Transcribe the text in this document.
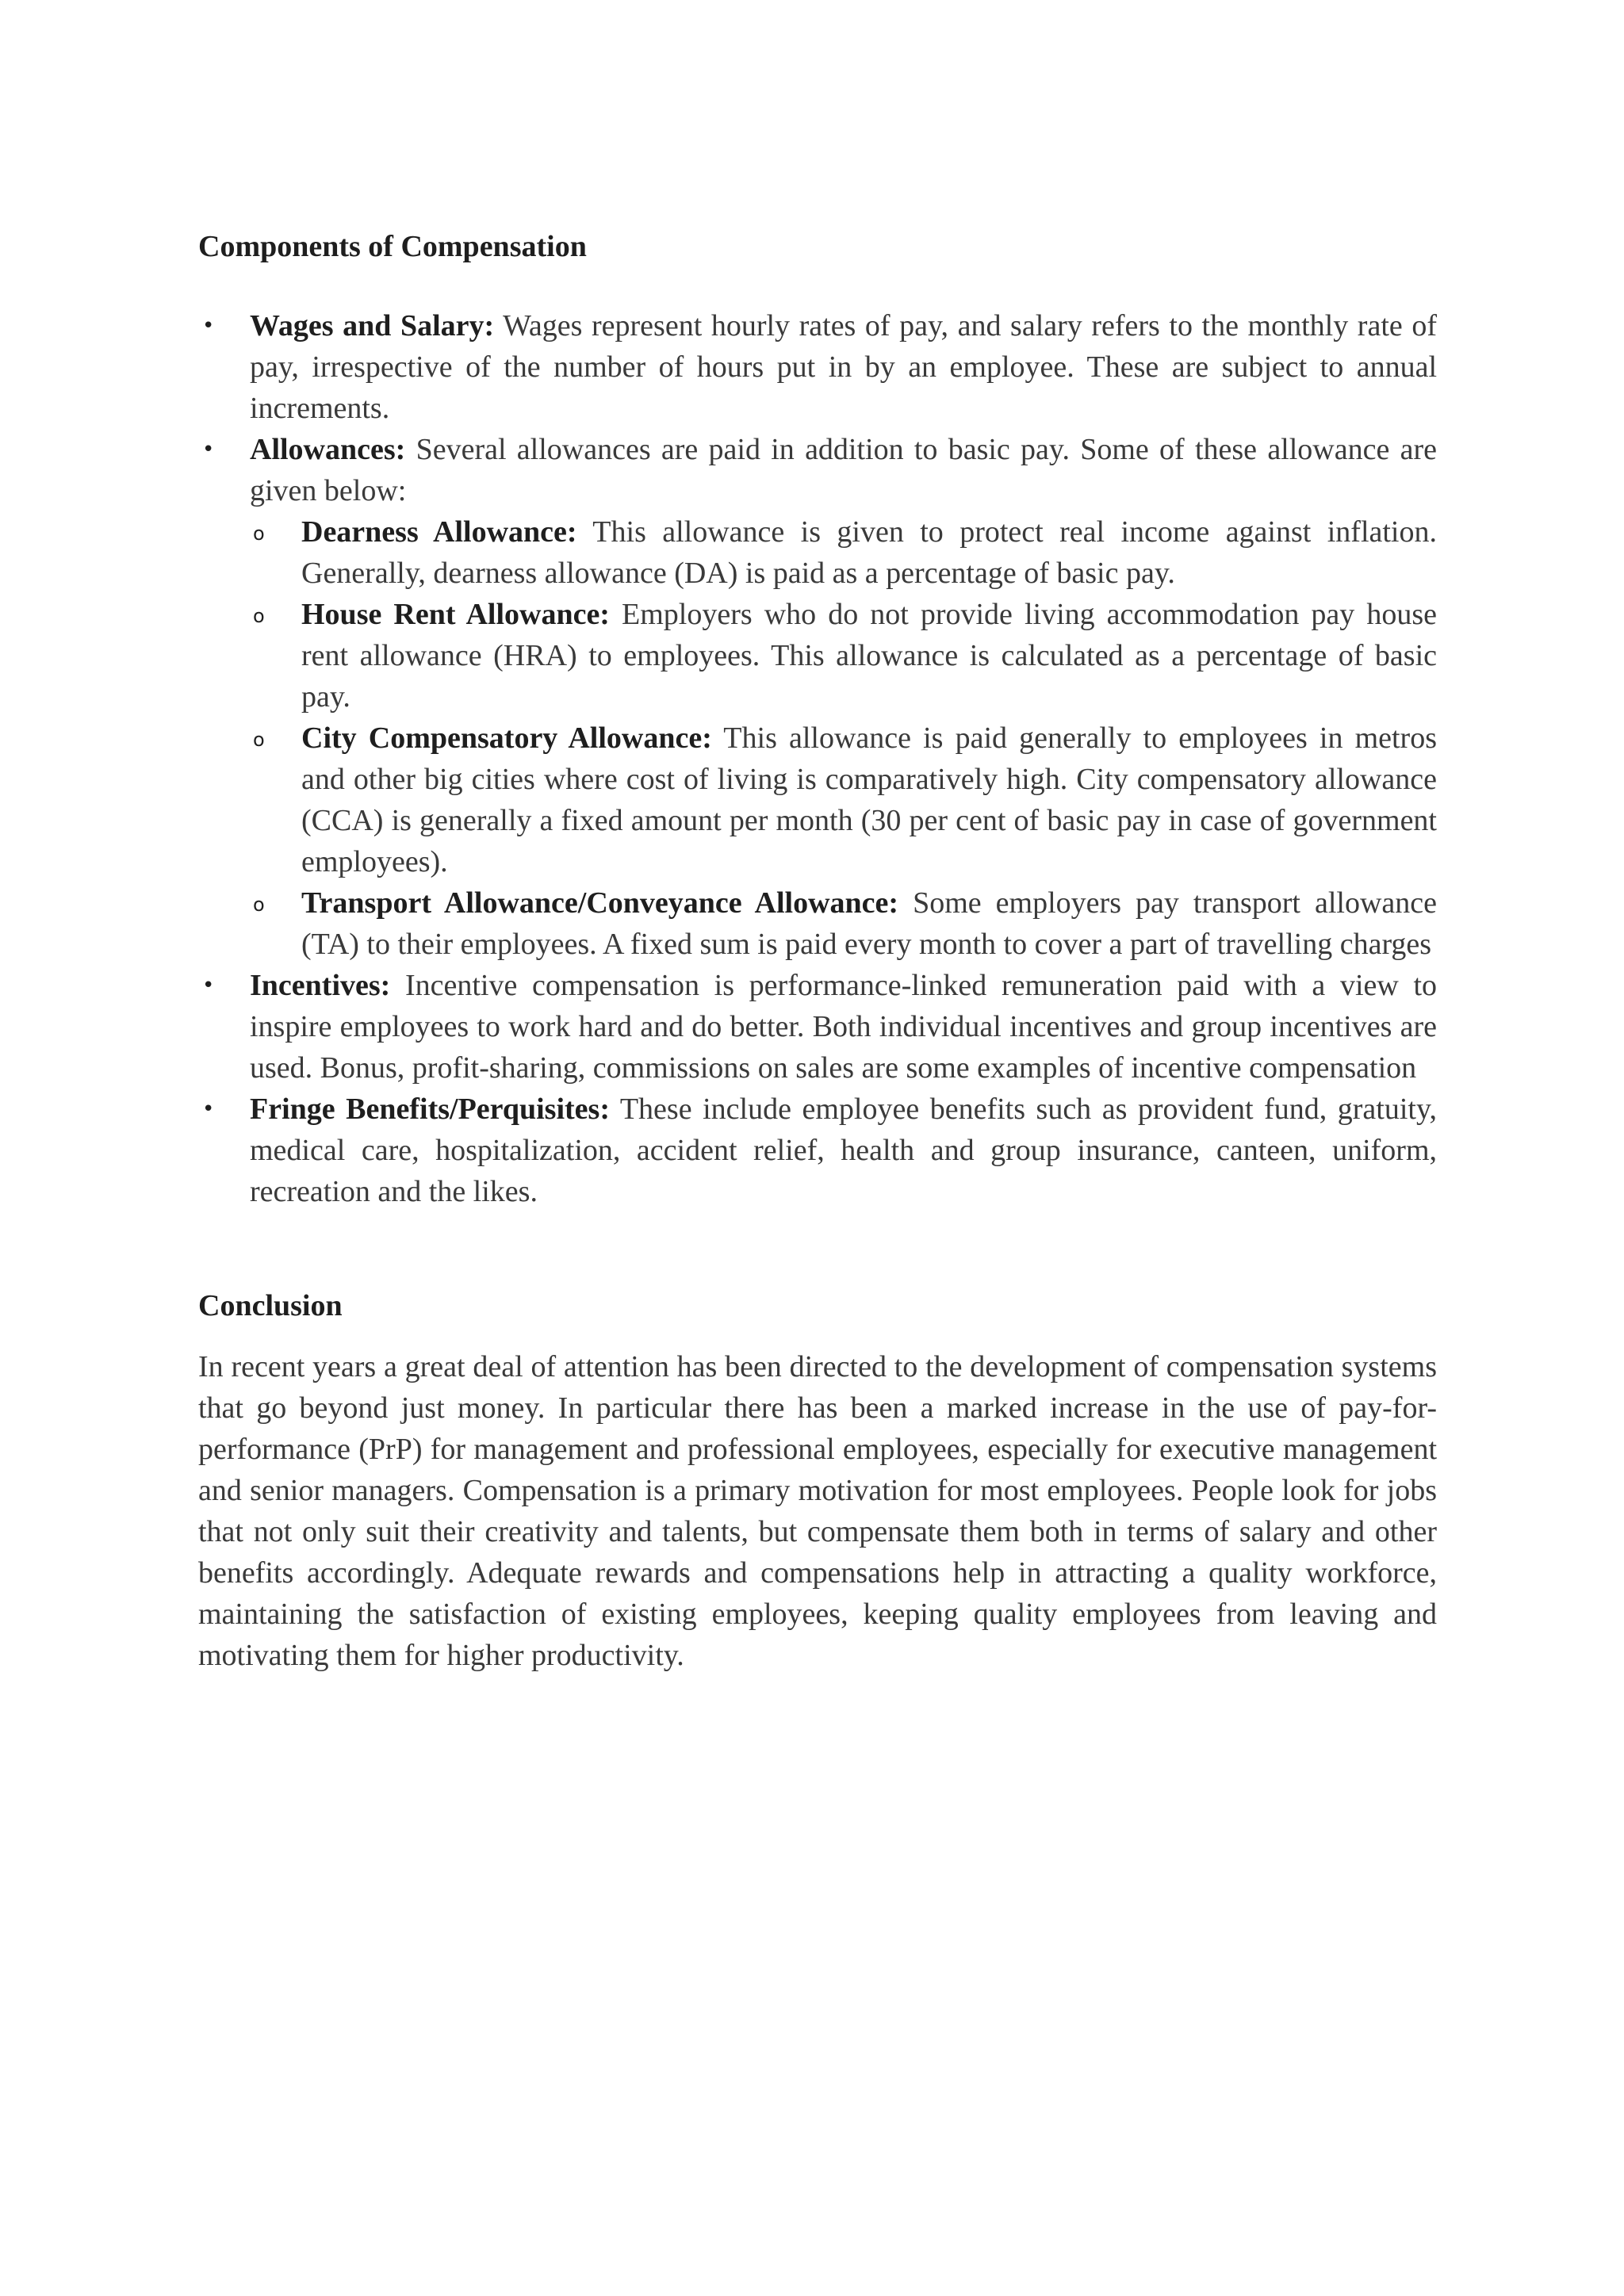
Components of Compensation

• Wages and Salary: Wages represent hourly rates of pay, and salary refers to the monthly rate of pay, irrespective of the number of hours put in by an employee. These are subject to annual increments.
• Allowances: Several allowances are paid in addition to basic pay. Some of these allowance are given below:
o Dearness Allowance: This allowance is given to protect real income against inflation. Generally, dearness allowance (DA) is paid as a percentage of basic pay.
o House Rent Allowance: Employers who do not provide living accommodation pay house rent allowance (HRA) to employees. This allowance is calculated as a percentage of basic pay.
o City Compensatory Allowance: This allowance is paid generally to employees in metros and other big cities where cost of living is comparatively high. City compensatory allowance (CCA) is generally a fixed amount per month (30 per cent of basic pay in case of government employees).
o Transport Allowance/Conveyance Allowance: Some employers pay transport allowance (TA) to their employees. A fixed sum is paid every month to cover a part of travelling charges
• Incentives: Incentive compensation is performance-linked remuneration paid with a view to inspire employees to work hard and do better. Both individual incentives and group incentives are used. Bonus, profit-sharing, commissions on sales are some examples of incentive compensation
• Fringe Benefits/Perquisites: These include employee benefits such as provident fund, gratuity, medical care, hospitalization, accident relief, health and group insurance, canteen, uniform, recreation and the likes.

Conclusion

In recent years a great deal of attention has been directed to the development of compensation systems that go beyond just money. In particular there has been a marked increase in the use of pay-for-performance (PrP) for management and professional employees, especially for executive management and senior managers. Compensation is a primary motivation for most employees. People look for jobs that not only suit their creativity and talents, but compensate them both in terms of salary and other benefits accordingly. Adequate rewards and compensations help in attracting a quality workforce, maintaining the satisfaction of existing employees, keeping quality employees from leaving and motivating them for higher productivity.
